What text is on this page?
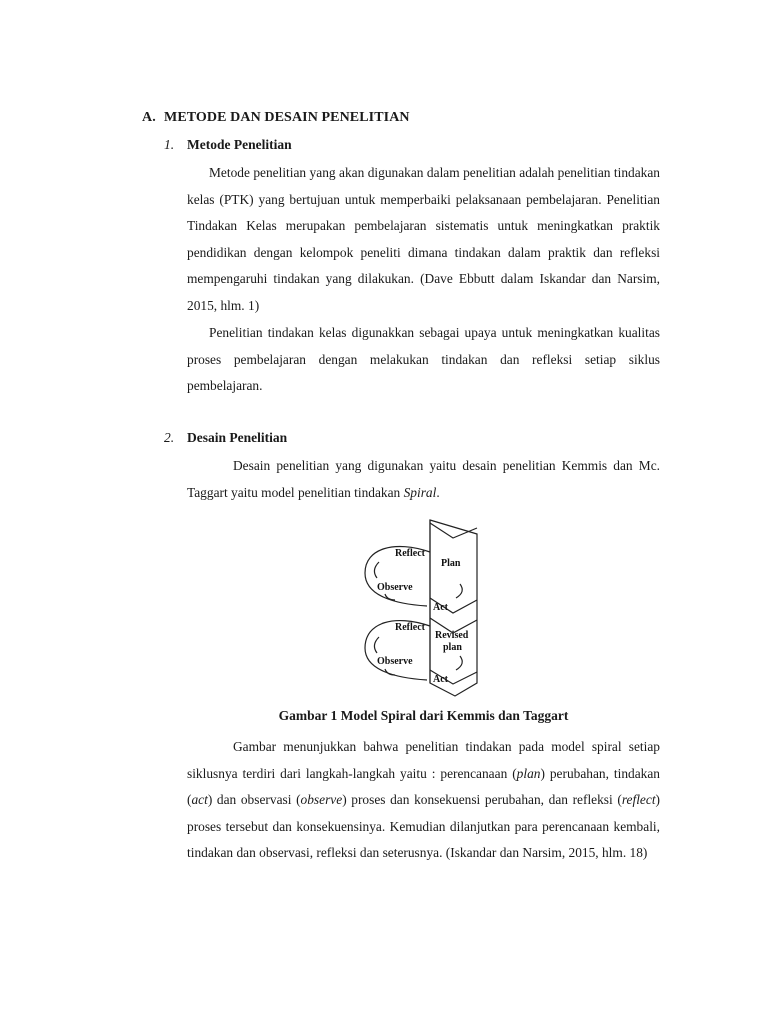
A. METODE DAN DESAIN PENELITIAN
1. Metode Penelitian
Metode penelitian yang akan digunakan dalam penelitian adalah penelitian tindakan kelas (PTK) yang bertujuan untuk memperbaiki pelaksanaan pembelajaran. Penelitian Tindakan Kelas merupakan pembelajaran sistematis untuk meningkatkan praktik pendidikan dengan kelompok peneliti dimana tindakan dalam praktik dan refleksi mempengaruhi tindakan yang dilakukan. (Dave Ebbutt dalam Iskandar dan Narsim, 2015, hlm. 1)
Penelitian tindakan kelas digunakkan sebagai upaya untuk meningkatkan kualitas proses pembelajaran dengan melakukan tindakan dan refleksi setiap siklus pembelajaran.
2. Desain Penelitian
Desain penelitian yang digunakan yaitu desain penelitian Kemmis dan Mc. Taggart yaitu model penelitian tindakan Spiral.
Reflect
Observe
Plan
Act
Reflect
Observe
Revised
plan
Act
Gambar 1 Model Spiral dari Kemmis dan Taggart
Gambar menunjukkan bahwa penelitian tindakan pada model spiral setiap siklusnya terdiri dari langkah-langkah yaitu : perencanaan (plan) perubahan, tindakan (act) dan observasi (observe) proses dan konsekuensi perubahan, dan refleksi (reflect) proses tersebut dan konsekuensinya. Kemudian dilanjutkan para perencanaan kembali, tindakan dan observasi, refleksi dan seterusnya. (Iskandar dan Narsim, 2015, hlm. 18)
